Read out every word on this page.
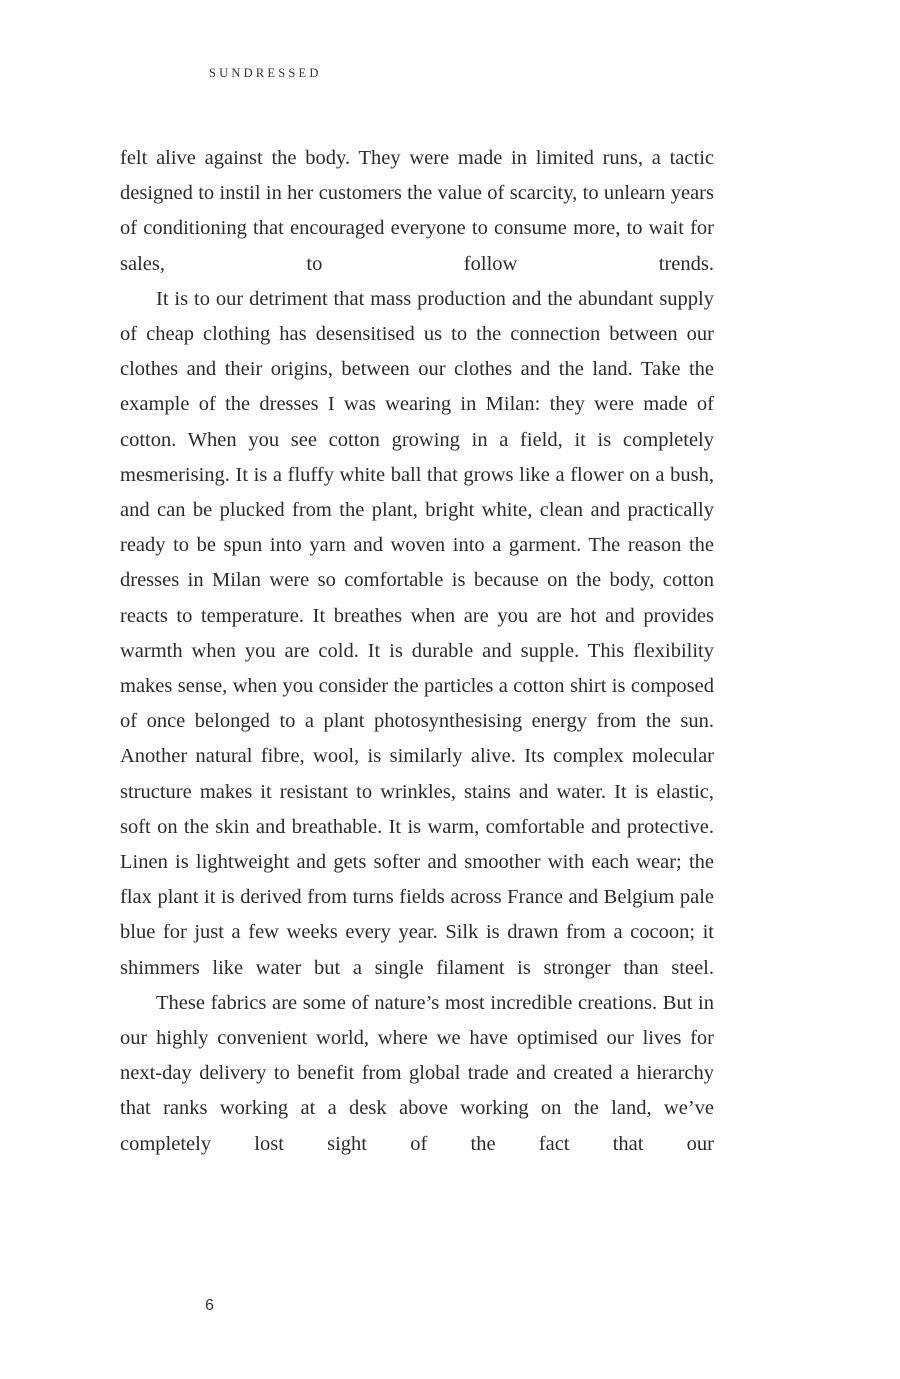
SUNDRESSED

felt alive against the body. They were made in limited runs, a tactic designed to instil in her customers the value of scarcity, to unlearn years of conditioning that encouraged everyone to consume more, to wait for sales, to follow trends.

It is to our detriment that mass production and the abundant supply of cheap clothing has desensitised us to the connection between our clothes and their origins, between our clothes and the land. Take the example of the dresses I was wearing in Milan: they were made of cotton. When you see cotton growing in a field, it is completely mesmerising. It is a fluffy white ball that grows like a flower on a bush, and can be plucked from the plant, bright white, clean and practically ready to be spun into yarn and woven into a garment. The reason the dresses in Milan were so comfortable is because on the body, cotton reacts to temperature. It breathes when are you are hot and provides warmth when you are cold. It is durable and supple. This flexibility makes sense, when you consider the particles a cotton shirt is composed of once belonged to a plant photosynthesising energy from the sun. Another natural fibre, wool, is similarly alive. Its complex molecular structure makes it resistant to wrinkles, stains and water. It is elastic, soft on the skin and breathable. It is warm, comfortable and protective. Linen is lightweight and gets softer and smoother with each wear; the flax plant it is derived from turns fields across France and Belgium pale blue for just a few weeks every year. Silk is drawn from a cocoon; it shimmers like water but a single filament is stronger than steel.

These fabrics are some of nature’s most incredible creations. But in our highly convenient world, where we have optimised our lives for next-day delivery to benefit from global trade and created a hierarchy that ranks working at a desk above working on the land, we’ve completely lost sight of the fact that our

6
